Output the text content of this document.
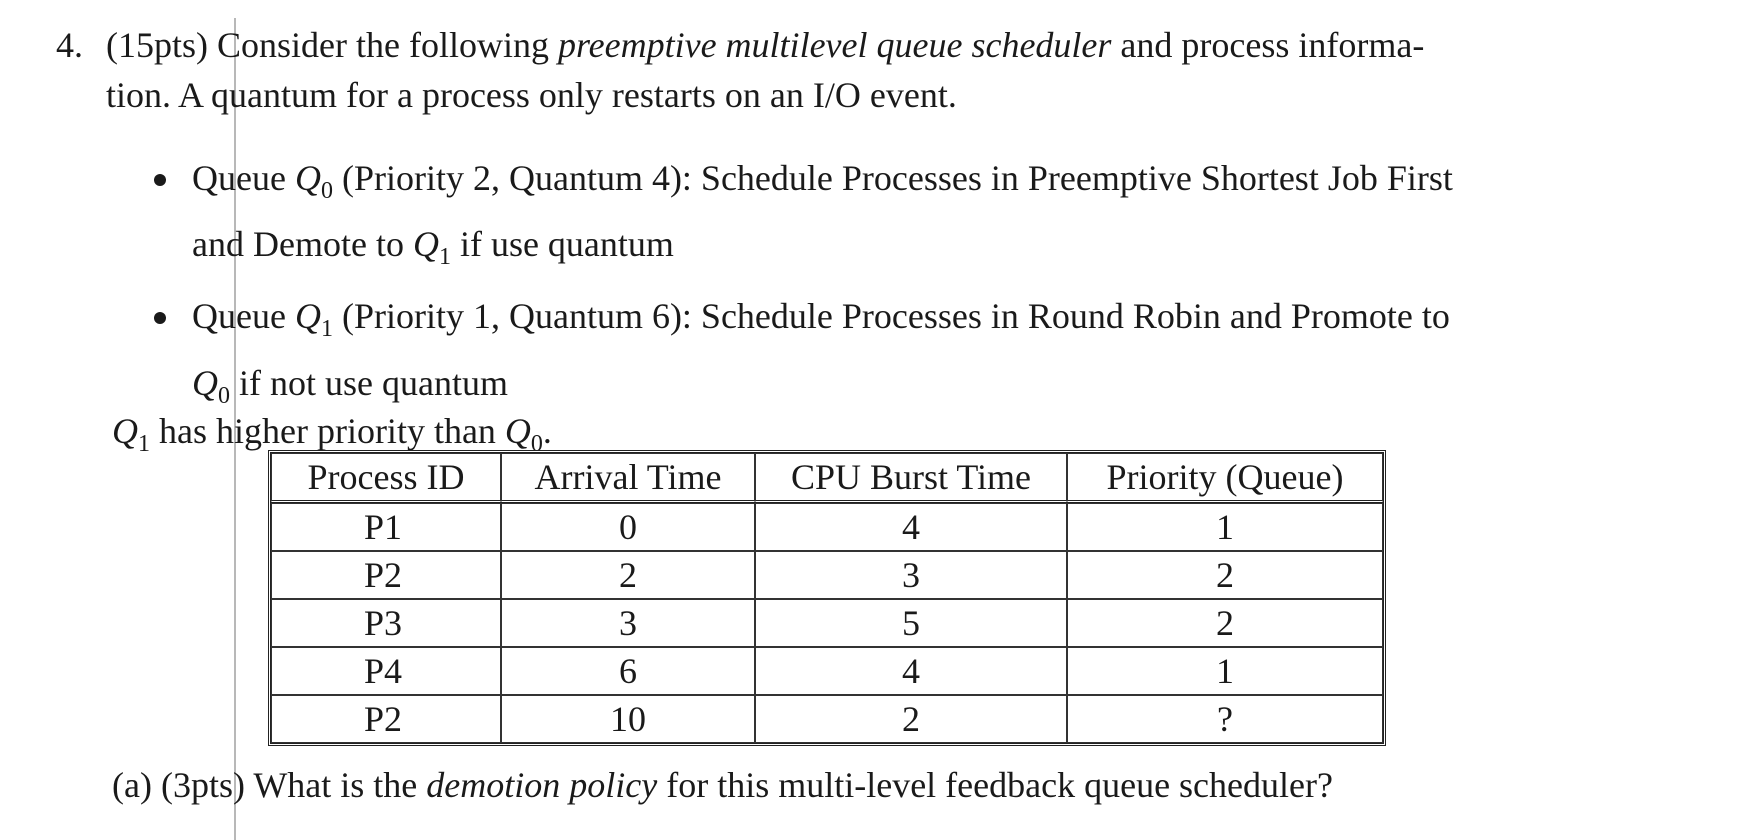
4. (15pts) Consider the following preemptive multilevel queue scheduler and process informa-
tion. A quantum for a process only restarts on an I/O event.
Queue $Q_0$ (Priority 2, Quantum 4): Schedule Processes in Preemptive Shortest Job First
and Demote to $Q_1$ if use quantum
Queue $Q_1$ (Priority 1, Quantum 6): Schedule Processes in Round Robin and Promote to
$Q_0$ if not use quantum
$Q_1$ has higher priority than $Q_0$.
Process ID	Arrival Time	CPU Burst Time	Priority (Queue)
P1	0	4	1
P2	2	3	2
P3	3	5	2
P4	6	4	1
P2	10	2	?
(a) (3pts) What is the demotion policy for this multi-level feedback queue scheduler?
